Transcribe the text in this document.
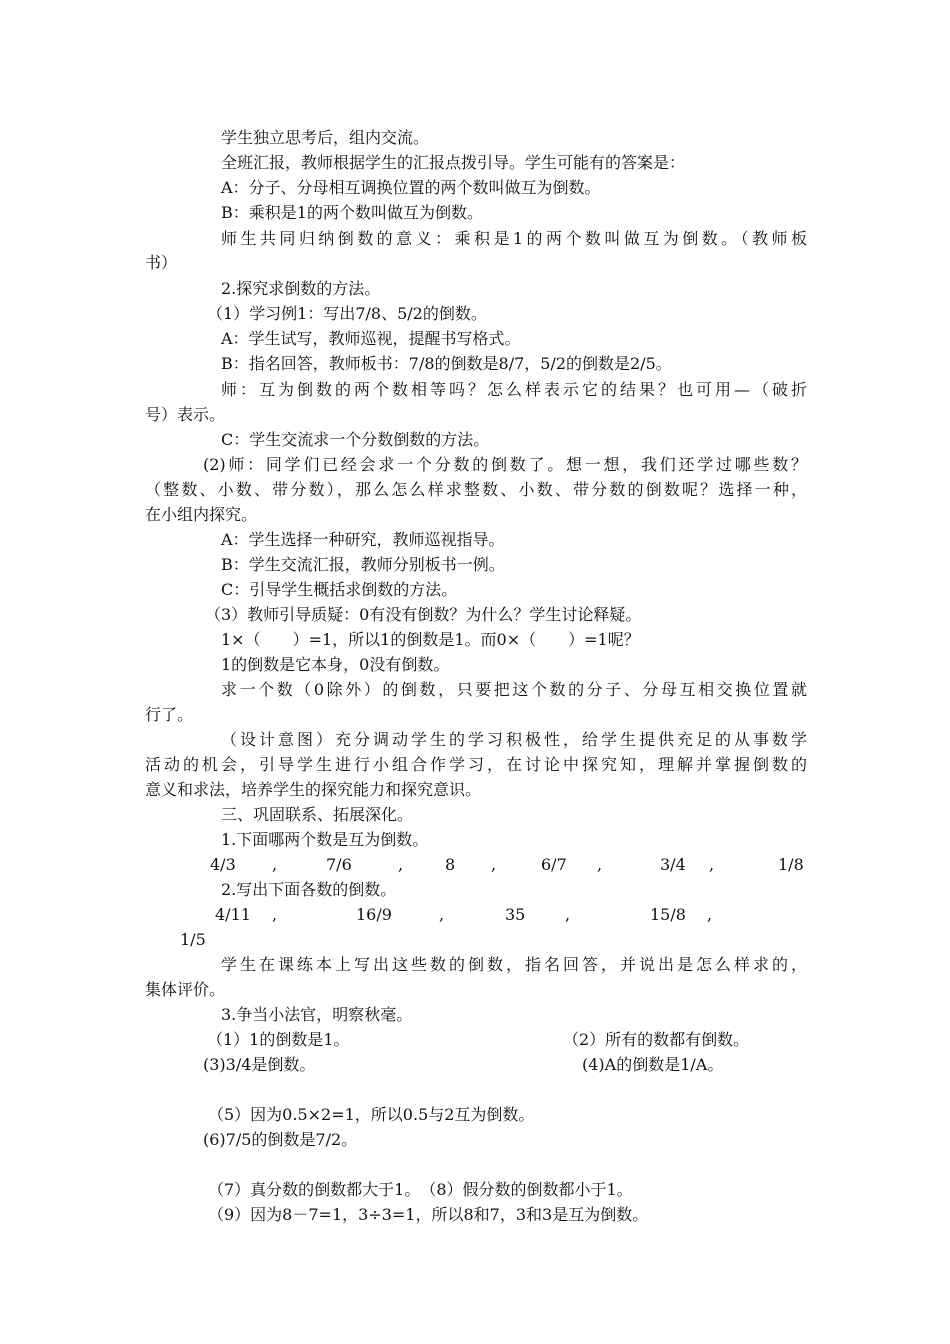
学生独立思考后，组内交流。
全班汇报，教师根据学生的汇报点拨引导。学生可能有的答案是：
A：分子、分母相互调换位置的两个数叫做互为倒数。
B：乘积是1的两个数叫做互为倒数。
师生共同归纳倒数的意义：乘积是1的两个数叫做互为倒数。（教师板
书）
2.探究求倒数的方法。
（1）学习例1：写出7/8、5/2的倒数。
A：学生试写，教师巡视，提醒书写格式。
B：指名回答，教师板书：7/8的倒数是8/7，5/2的倒数是2/5。
师：互为倒数的两个数相等吗？怎么样表示它的结果？也可用—（破折
号）表示。
C：学生交流求一个分数倒数的方法。
(2)师：同学们已经会求一个分数的倒数了。想一想，我们还学过哪些数？
（整数、小数、带分数），那么怎么样求整数、小数、带分数的倒数呢？选择一种，
在小组内探究。
A：学生选择一种研究，教师巡视指导。
B：学生交流汇报，教师分别板书一例。
C：引导学生概括求倒数的方法。
（3）教师引导质疑：0有没有倒数？为什么？学生讨论释疑。
1×（　　）=1，所以1的倒数是1。而0×（　　）=1呢？
1的倒数是它本身，0没有倒数。
求一个数（0除外）的倒数，只要把这个数的分子、分母互相交换位置就
行了。
（设计意图）充分调动学生的学习积极性，给学生提供充足的从事数学
活动的机会，引导学生进行小组合作学习，在讨论中探究知，理解并掌握倒数的
意义和求法，培养学生的探究能力和探究意识。
三、巩固联系、拓展深化。
1.下面哪两个数是互为倒数。
4/3 ,	7/6	,	8 ,	6/7 ,	3/4 ,	1/8
2.写出下面各数的倒数。
4/11 ,	16/9	,	35 ,	15/8 ,
1/5
学生在课练本上写出这些数的倒数，指名回答，并说出是怎么样求的，
集体评价。
3.争当小法官，明察秋毫。
（1）1的倒数是1。	（2）所有的数都有倒数。
(3)3/4是倒数。	(4)A的倒数是1/A。
（5）因为0.5×2=1，所以0.5与2互为倒数。
(6)7/5的倒数是7/2。
（7）真分数的倒数都大于1。　（8）假分数的倒数都小于1。
（9）因为8－7=1，3÷3=1，所以8和7，3和3是互为倒数。
